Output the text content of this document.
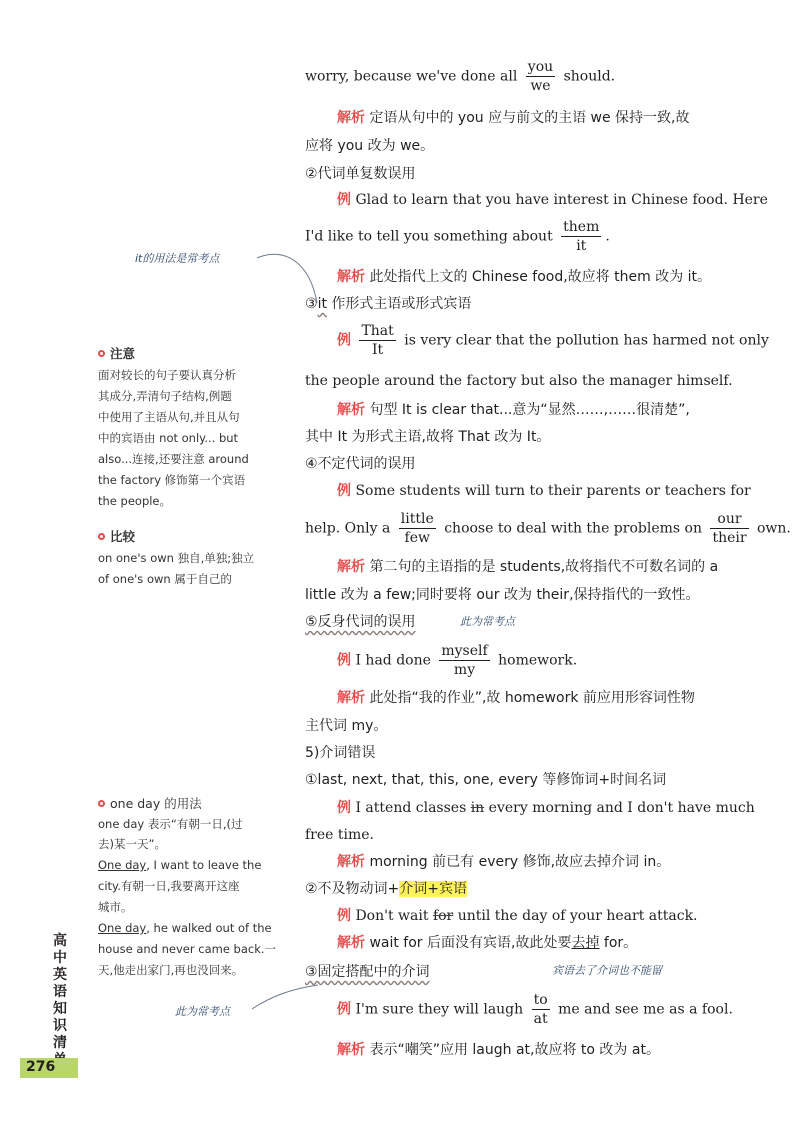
worry, because we've done all $\frac{\text{you}}{we}$ should.
解析 定语从句中的 you 应与前文的主语 we 保持一致,故
应将 you 改为 we。
②代词单复数误用
例 Glad to learn that you have interest in Chinese food. Here
I'd like to tell you something about $\frac{\text{them}}{it}$ .
解析 此处指代上文的 Chinese food,故应将 them 改为 it。
③it 作形式主语或形式宾语
例 $\frac{\text{That}}{It}$ is very clear that the pollution has harmed not only
the people around the factory but also the manager himself.
解析 句型 It is clear that...意为“显然……,……很清楚”,
其中 It 为形式主语,故将 That 改为 It。
④不定代词的误用
例 Some students will turn to their parents or teachers for
help. Only a $\frac{\text{little}}{\text{few}}$ choose to deal with the problems on $\frac{\text{our}}{\text{their}}$ own.
解析 第二句的主语指的是 students,故将指代不可数名词的 a
little 改为 a few;同时要将 our 改为 their,保持指代的一致性。
⑤反身代词的误用
例 I had done $\frac{\text{myself}}{my}$ homework.
解析 此处指“我的作业”,故 homework 前应用形容词性物
主代词 my。
5)介词错误
①last, next, that, this, one, every 等修饰词+时间名词
例 I attend classes in every morning and I don't have much
free time.
解析 morning 前已有 every 修饰,故应去掉介词 in。
②不及物动词+介词+宾语
例 Don't wait for until the day of your heart attack.
解析 wait for 后面没有宾语,故此处要去掉 for。
③固定搭配中的介词
例 I'm sure they will laugh $\frac{to}{at}$ me and see me as a fool.
解析 表示“嘲笑”应用 laugh at,故应将 to 改为 at。
it的用法是常考点
此为常考点
宾语去了介词也不能留
此为常考点
注意
面对较长的句子要认真分析
其成分,弄清句子结构,例题
中使用了主语从句,并且从句
中的宾语由 not only... but
also...连接,还要注意 around
the factory 修饰第一个宾语
the people。
比较
on one's own 独自,单独;独立
of one's own 属于自己的
one day 的用法
one day 表示“有朝一日,(过
去)某一天”。
One day, I want to leave the
city.有朝一日,我要离开这座
城市。
One day, he walked out of the
house and never came back.一
天,他走出家门,再也没回来。
高中英语知识清
276
